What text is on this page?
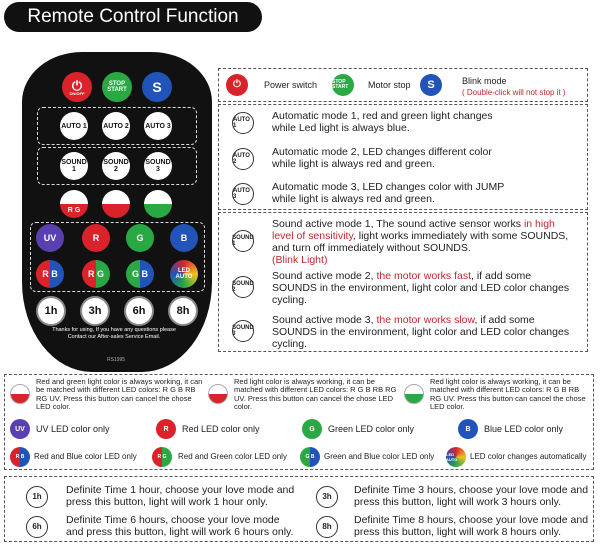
Remote Control Function
⏻
ON/OFF
STOP START	S
AUTO 1 AUTO 2 AUTO 3
SOUND 1
SOUND 2
SOUND 3
R G
UV	R	G	B
R B	R G	G B	LED AUTO
1h	3h	6h	8h
Thanks for using, If you have any questions please Contact our After-sales Service Email.
RS1995
⏻	Power switch	STOP START	Motor stop	S	Blink mode
( Double-click will not stop it )
AUTO 1
Automatic mode 1, red and green light changes while Led light is always blue.
AUTO 2
Automatic mode 2, LED changes different color while light is always red and green.
AUTO 3
Automatic mode 3, LED changes color with JUMP while light is always red and green.
SOUND 1
Sound active mode 1, The sound active sensor works in high level of sensitivity, light works immediately with some SOUNDS, and turn off immediately without SOUNDS.
(Blink Light)
SOUND 2
Sound active mode 2, the motor works fast, if add some SOUNDS in the environment, light color and LED color changes cycling.
SOUND 3
Sound active mode 3, the motor works slow, if add some SOUNDS in the environment, light color and LED color changes cycling.
Red and green light color is always working, it can be matched with different LED colors: R G B RB RG UV. Press this button can cancel the chose LED color.
Red light color is always working, it can be matched with different LED colors: R G B RB RG UV. Press this button can cancel the chose LED color.
Red light color is always working, it can be matched with different LED colors: R G B RB RG UV. Press this button can cancel the chose LED color.
UV	UV LED color only	R	Red LED color only	G	Green LED color only	B	Blue LED color only
R B	Red and Blue color LED only	R G	Red and Green color LED only	G B	Green and Blue color LED only	LED AUTO	LED color changes automatically
1h
Definite Time 1 hour, choose your love mode and press this button, light will work 1 hour only.	3h
Definite Time 3 hours, choose your love mode and press this button, light will work 3 hours only.
6h
Definite Time 6 hours, choose your love mode and press this button, light will work 6 hours only.	8h
Definite Time 8 hours, choose your love mode and press this button, light will work 8 hours only.
